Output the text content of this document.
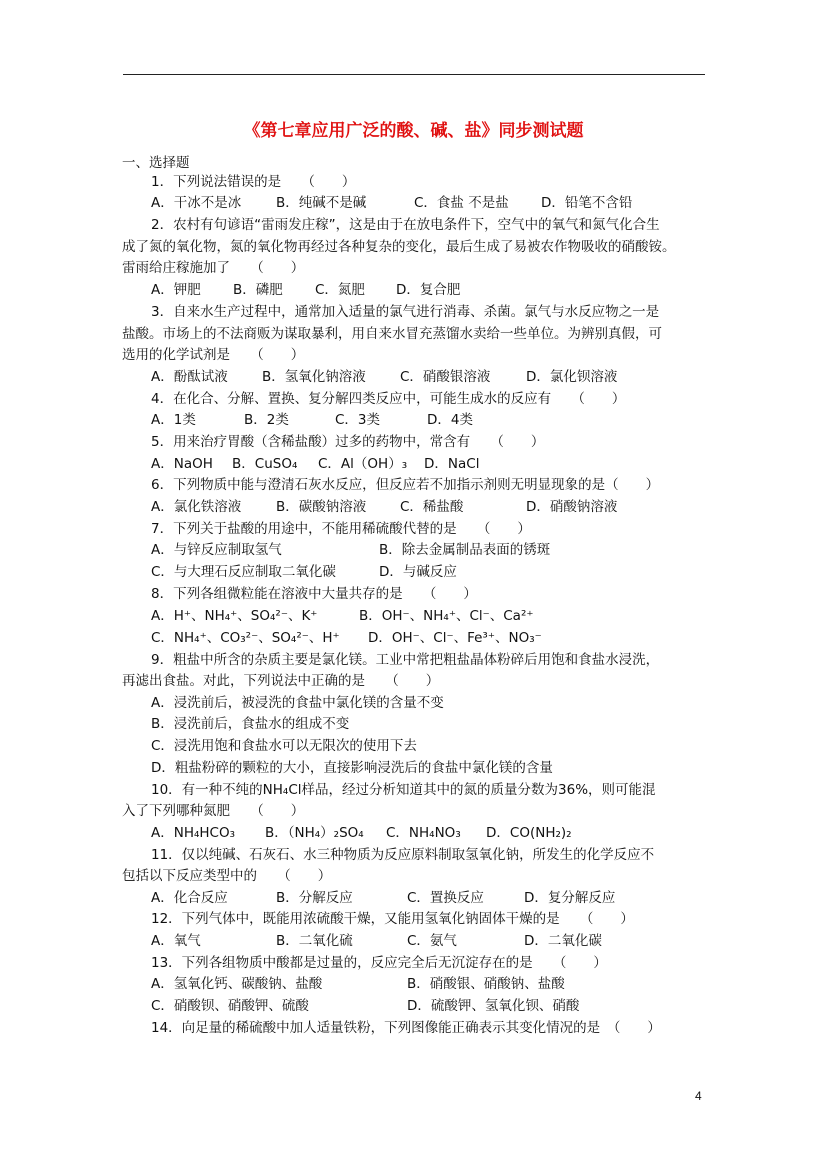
《第七章应用广泛的酸、碱、盐》同步测试题
一、选择题
1．下列说法错误的是　　（　　）
A．干冰不是冰	B．纯碱不是碱	C．食盐 不是盐 D．铅笔不含铅
2．农村有句谚语“雷雨发庄稼”，这是由于在放电条件下，空气中的氧气和氮气化合生
成了氮的氧化物，氮的氧化物再经过各种复杂的变化，最后生成了易被农作物吸收的硝酸铵。
雷雨给庄稼施加了　　（　　）
A．钾肥 B．磷肥 C．氮肥 D．复合肥
3．自来水生产过程中，通常加入适量的氯气进行消毒、杀菌。氯气与水反应物之一是
盐酸。市场上的不法商贩为谋取暴利，用自来水冒充蒸馏水卖给一些单位。为辨别真假，可
选用的化学试剂是　　（　　）
A．酚酞试液	B．氢氧化钠溶液	C．硝酸银溶液	D．氯化钡溶液
4．在化合、分解、置换、复分解四类反应中，可能生成水的反应有　　（　　）
A．1类	B．2类	C．3类	D．4类
5．用来治疗胃酸（含稀盐酸）过多的药物中，常含有　　（　　）
A．NaOH B．CuSO₄ C．Al（OH）₃ D．NaCl
6．下列物质中能与澄清石灰水反应，但反应若不加指示剂则无明显现象的是（　　）
A．氯化铁溶液	B．碳酸钠溶液 C．稀盐酸	D．硝酸钠溶液
7．下列关于盐酸的用途中，不能用稀硫酸代替的是　　（　　）
A．与锌反应制取氢气	B．除去金属制品表面的锈斑
C．与大理石反应制取二氧化碳	D．与碱反应
8．下列各组微粒能在溶液中大量共存的是　　（　　）
A．H⁺、NH₄⁺、SO₄²⁻、K⁺	B．OH⁻、NH₄⁺、Cl⁻、Ca²⁺
C．NH₄⁺、CO₃²⁻、SO₄²⁻、H⁺ D．OH⁻、Cl⁻、Fe³⁺、NO₃⁻
9．粗盐中所含的杂质主要是氯化镁。工业中常把粗盐晶体粉碎后用饱和食盐水浸洗，
再滤出食盐。对此，下列说法中正确的是　　（　　）
A．浸洗前后，被浸洗的食盐中氯化镁的含量不变
B．浸洗前后，食盐水的组成不变
C．浸洗用饱和食盐水可以无限次的使用下去
D．粗盐粉碎的颗粒的大小，直接影响浸洗后的食盐中氯化镁的含量
10．有一种不纯的NH₄Cl样品，经过分析知道其中的氮的质量分数为36%，则可能混
入了下列哪种氮肥　　（　　）
A．NH₄HCO₃ B．（NH₄）₂SO₄ C．NH₄NO₃ D．CO(NH₂)₂
11．仅以纯碱、石灰石、水三种物质为反应原料制取氢氧化钠，所发生的化学反应不
包括以下反应类型中的　　（　　）
A．化合反应	B．分解反应	C．置换反应	D．复分解反应
12．下列气体中，既能用浓硫酸干燥，又能用氢氧化钠固体干燥的是　　（　　）
A．氧气	B．二氧化硫	C．氨气	D．二氧化碳
13．下列各组物质中酸都是过量的，反应完全后无沉淀存在的是　　（　　）
A．氢氧化钙、碳酸钠、盐酸	B．硝酸银、硝酸钠、盐酸
C．硝酸钡、硝酸钾、硫酸	D．硫酸钾、氢氧化钡、硝酸
14．向足量的稀硫酸中加人适量铁粉，下列图像能正确表示其变化情况的是　（　　）
4
